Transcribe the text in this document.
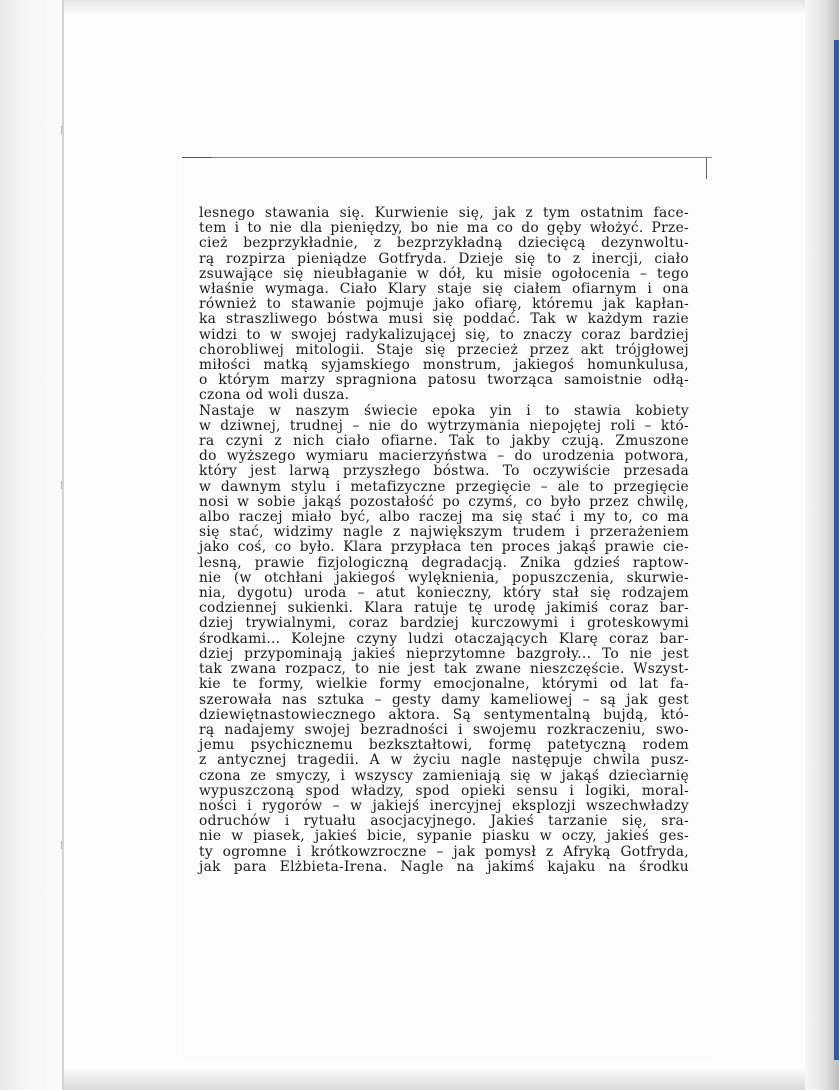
|
|
|
lesnego stawania się. Kurwienie się, jak z tym ostatnim face-
tem i to nie dla pieniędzy, bo nie ma co do gęby włożyć. Prze-
cież bezprzykładnie, z bezprzykładną dziecięcą dezynwoltu-
rą rozpirza pieniądze Gotfryda. Dzieje się to z inercji, ciało
zsuwające się nieubłaganie w dół, ku misie ogołocenia – tego
właśnie wymaga. Ciało Klary staje się ciałem ofiarnym i ona
również to stawanie pojmuje jako ofiarę, któremu jak kapłan-
ka straszliwego bóstwa musi się poddać. Tak w każdym razie
widzi to w swojej radykalizującej się, to znaczy coraz bardziej
chorobliwej mitologii. Staje się przecież przez akt trójgłowej
miłości matką syjamskiego monstrum, jakiegoś homunkulusa,
o którym marzy spragniona patosu tworząca samoistnie odłą-
czona od woli dusza.
Nastaje w naszym świecie epoka yin i to stawia kobiety
w dziwnej, trudnej – nie do wytrzymania niepojętej roli – któ-
ra czyni z nich ciało ofiarne. Tak to jakby czują. Zmuszone
do wyższego wymiaru macierzyństwa – do urodzenia potwora,
który jest larwą przyszłego bóstwa. To oczywiście przesada
w dawnym stylu i metafizyczne przegięcie – ale to przegięcie
nosi w sobie jakąś pozostałość po czymś, co było przez chwilę,
albo raczej miało być, albo raczej ma się stać i my to, co ma
się stać, widzimy nagle z największym trudem i przerażeniem
jako coś, co było. Klara przypłaca ten proces jakąś prawie cie-
lesną, prawie fizjologiczną degradacją. Znika gdzieś raptow-
nie (w otchłani jakiegoś wylęknienia, popuszczenia, skurwie-
nia, dygotu) uroda – atut konieczny, który stał się rodzajem
codziennej sukienki. Klara ratuje tę urodę jakimiś coraz bar-
dziej trywialnymi, coraz bardziej kurczowymi i groteskowymi
środkami... Kolejne czyny ludzi otaczających Klarę coraz bar-
dziej przypominają jakieś nieprzytomne bazgroły... To nie jest
tak zwana rozpacz, to nie jest tak zwane nieszczęście. Wszyst-
kie te formy, wielkie formy emocjonalne, którymi od lat fa-
szerowała nas sztuka – gesty damy kameliowej – są jak gest
dziewiętnastowiecznego aktora. Są sentymentalną bujdą, któ-
rą nadajemy swojej bezradności i swojemu rozkraczeniu, swo-
jemu psychicznemu bezkształtowi, formę patetyczną rodem
z antycznej tragedii. A w życiu nagle następuje chwila pusz-
czona ze smyczy, i wszyscy zamieniają się w jakąś dziecìarnię
wypuszczoną spod władzy, spod opieki sensu i logiki, moral-
ności i rygorów – w jakiejś inercyjnej eksplozji wszechwładzy
odruchów i rytuału asocjacyjnego. Jakieś tarzanie się, sra-
nie w piasek, jakieś bicie, sypanie piasku w oczy, jakieś ges-
ty ogromne i krótkowzroczne – jak pomysł z Afryką Gotfryda,
jak para Elżbieta-Irena. Nagle na jakimś kajaku na środku
